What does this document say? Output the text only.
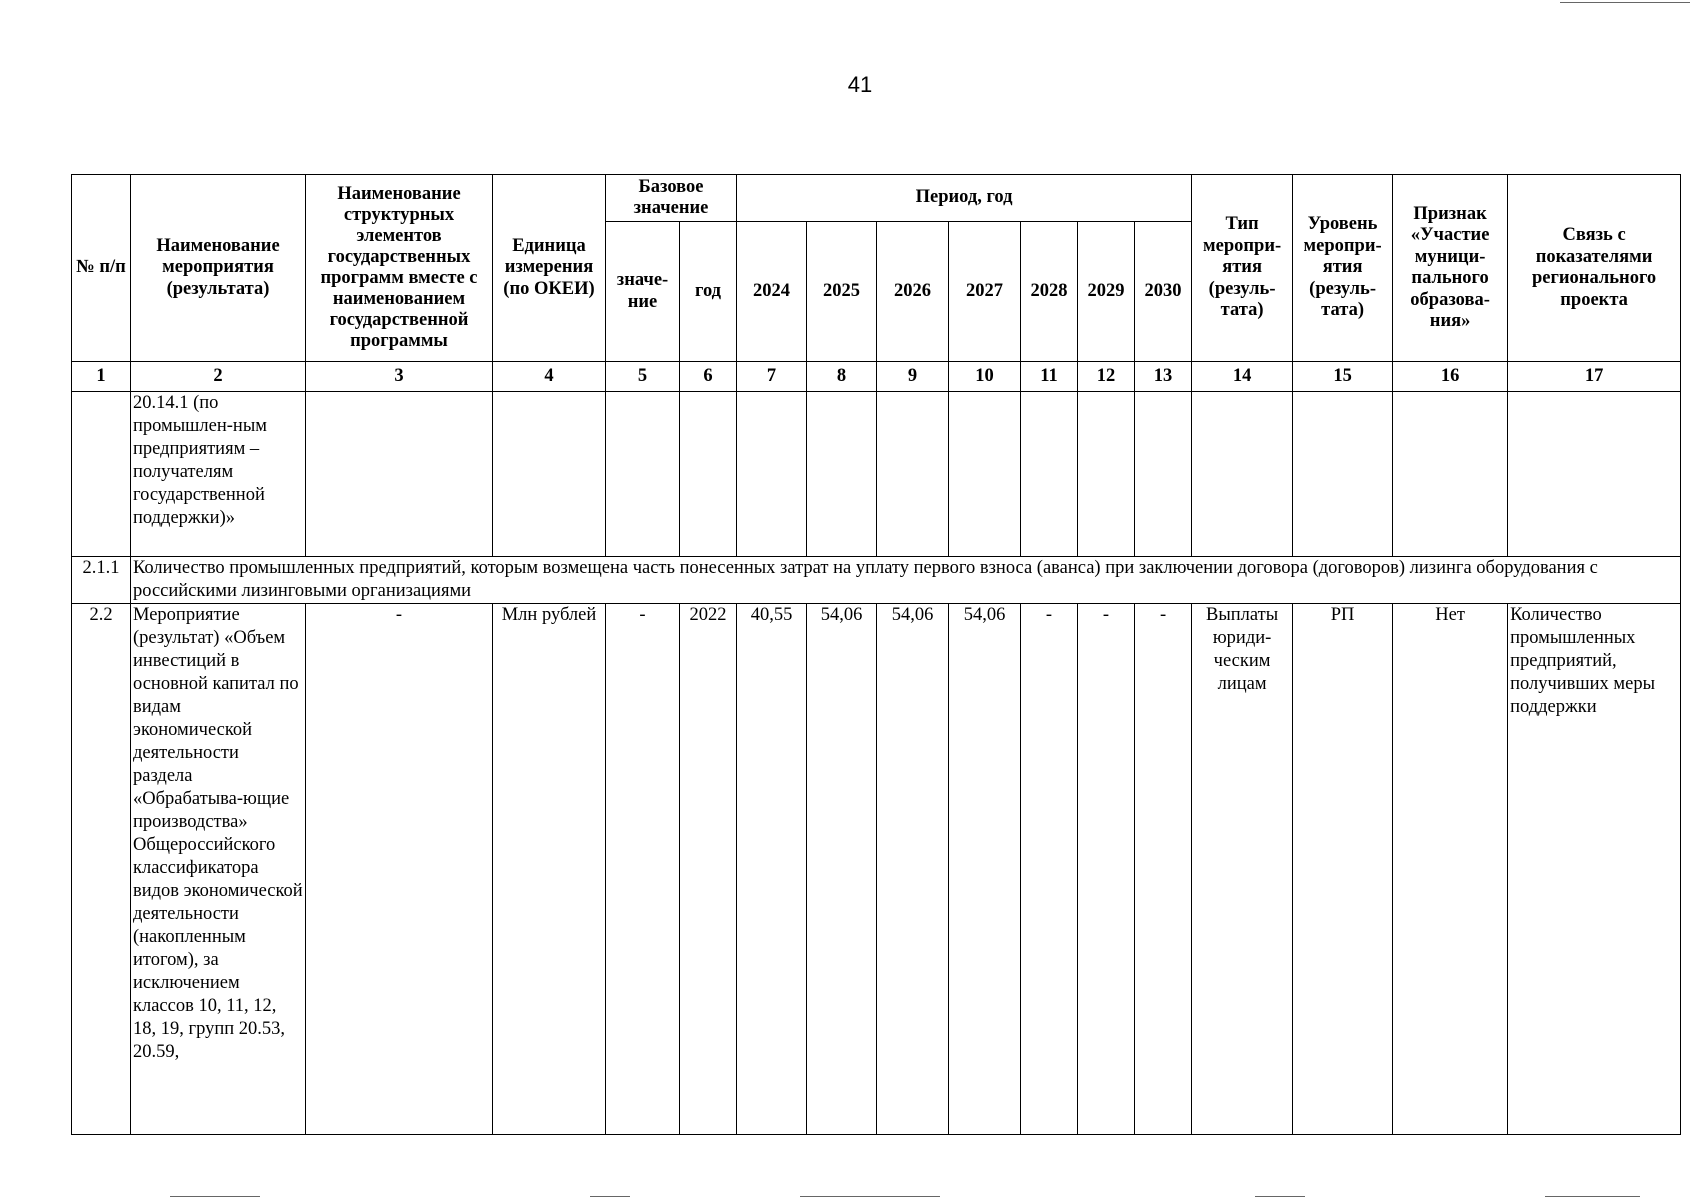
41
№ п/п	Наименование мероприятия (результата)	Наименование структурных элементов государственных программ вместе с наименованием государственной программы	Единица измерения (по ОКЕИ)	Базовое значение		Период, год							Тип меропри-ятия (резуль-тата)	Уровень меропри-ятия (резуль-тата)	Признак «Участие муници-пального образова-ния»	Связь с показателями регионального проекта
				значе-ние	год	2024	2025	2026	2027	2028	2029	2030				
1	2	3	4	5	6	7	8	9	10	11	12	13	14	15	16	17
	20.14.1 (по промышлен-ным предприятиям – получателям государственной поддержки)»															
2.1.1	Количество промышленных предприятий, которым возмещена часть понесенных затрат на уплату первого взноса (аванса) при заключении договора (договоров) лизинга оборудования с российскими лизинговыми организациями															
2.2	Мероприятие (результат) «Объем инвестиций в основной капитал по видам экономической деятельности раздела «Обрабатыва-ющие производства» Общероссийского классификатора видов экономической деятельности (накопленным итогом), за исключением классов 10, 11, 12, 18, 19, групп 20.53, 20.59,	-	Млн рублей	-	2022	40,55	54,06	54,06	54,06	-	-	-	Выплаты юриди-ческим лицам	РП	Нет	Количество промышленных предприятий, получивших меры поддержки
